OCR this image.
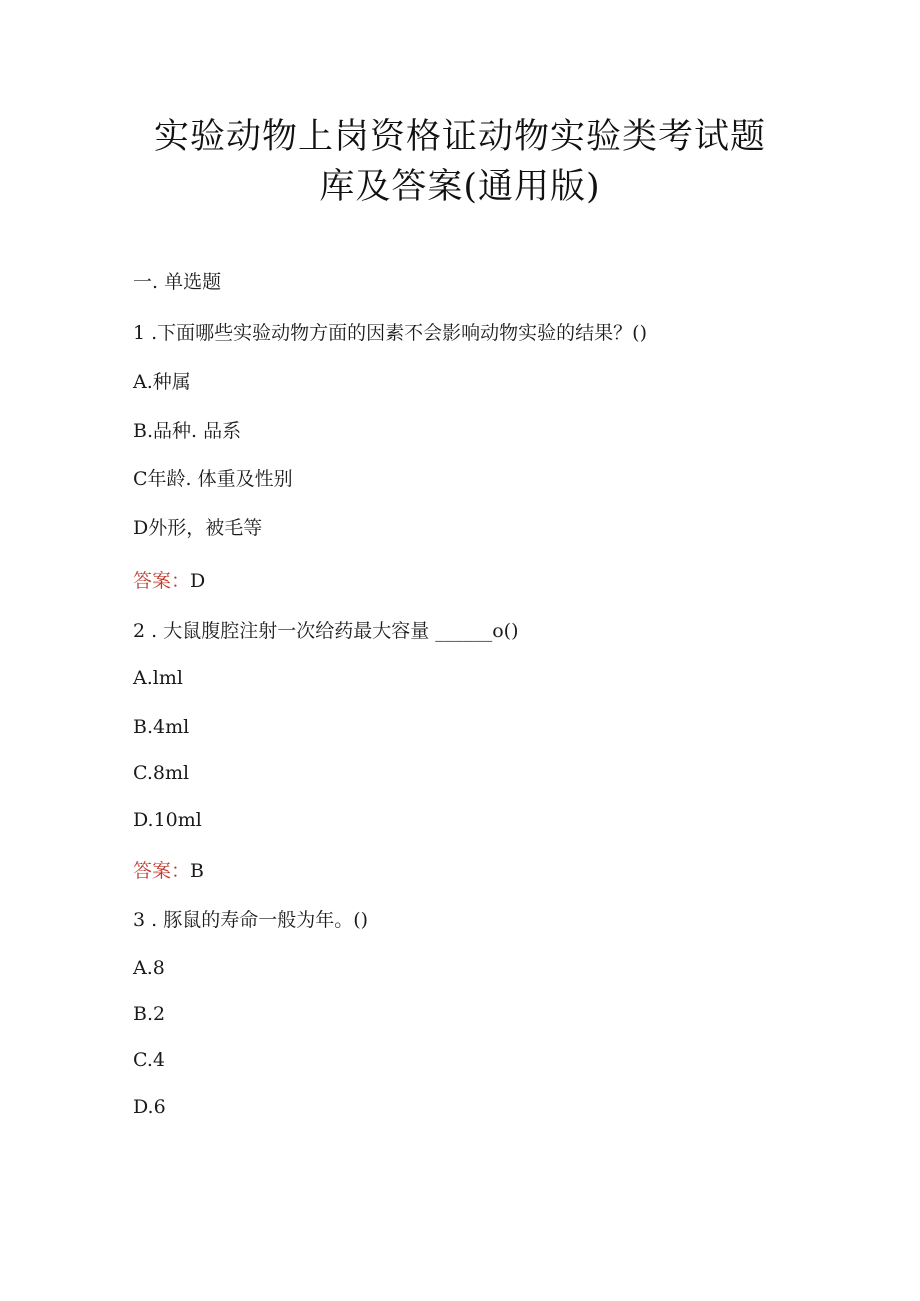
实验动物上岗资格证动物实验类考试题
库及答案(通用版)
一. 单选题
1 .下面哪些实验动物方面的因素不会影响动物实验的结果？()
A.种属
B.品种. 品系
C年龄. 体重及性别
D外形，被毛等
答案：D
2 . 大鼠腹腔注射一次给药最大容量 ______o()
A.lml
B.4ml
C.8ml
D.10ml
答案：B
3 . 豚鼠的寿命一般为年。()
A.8
B.2
C.4
D.6
